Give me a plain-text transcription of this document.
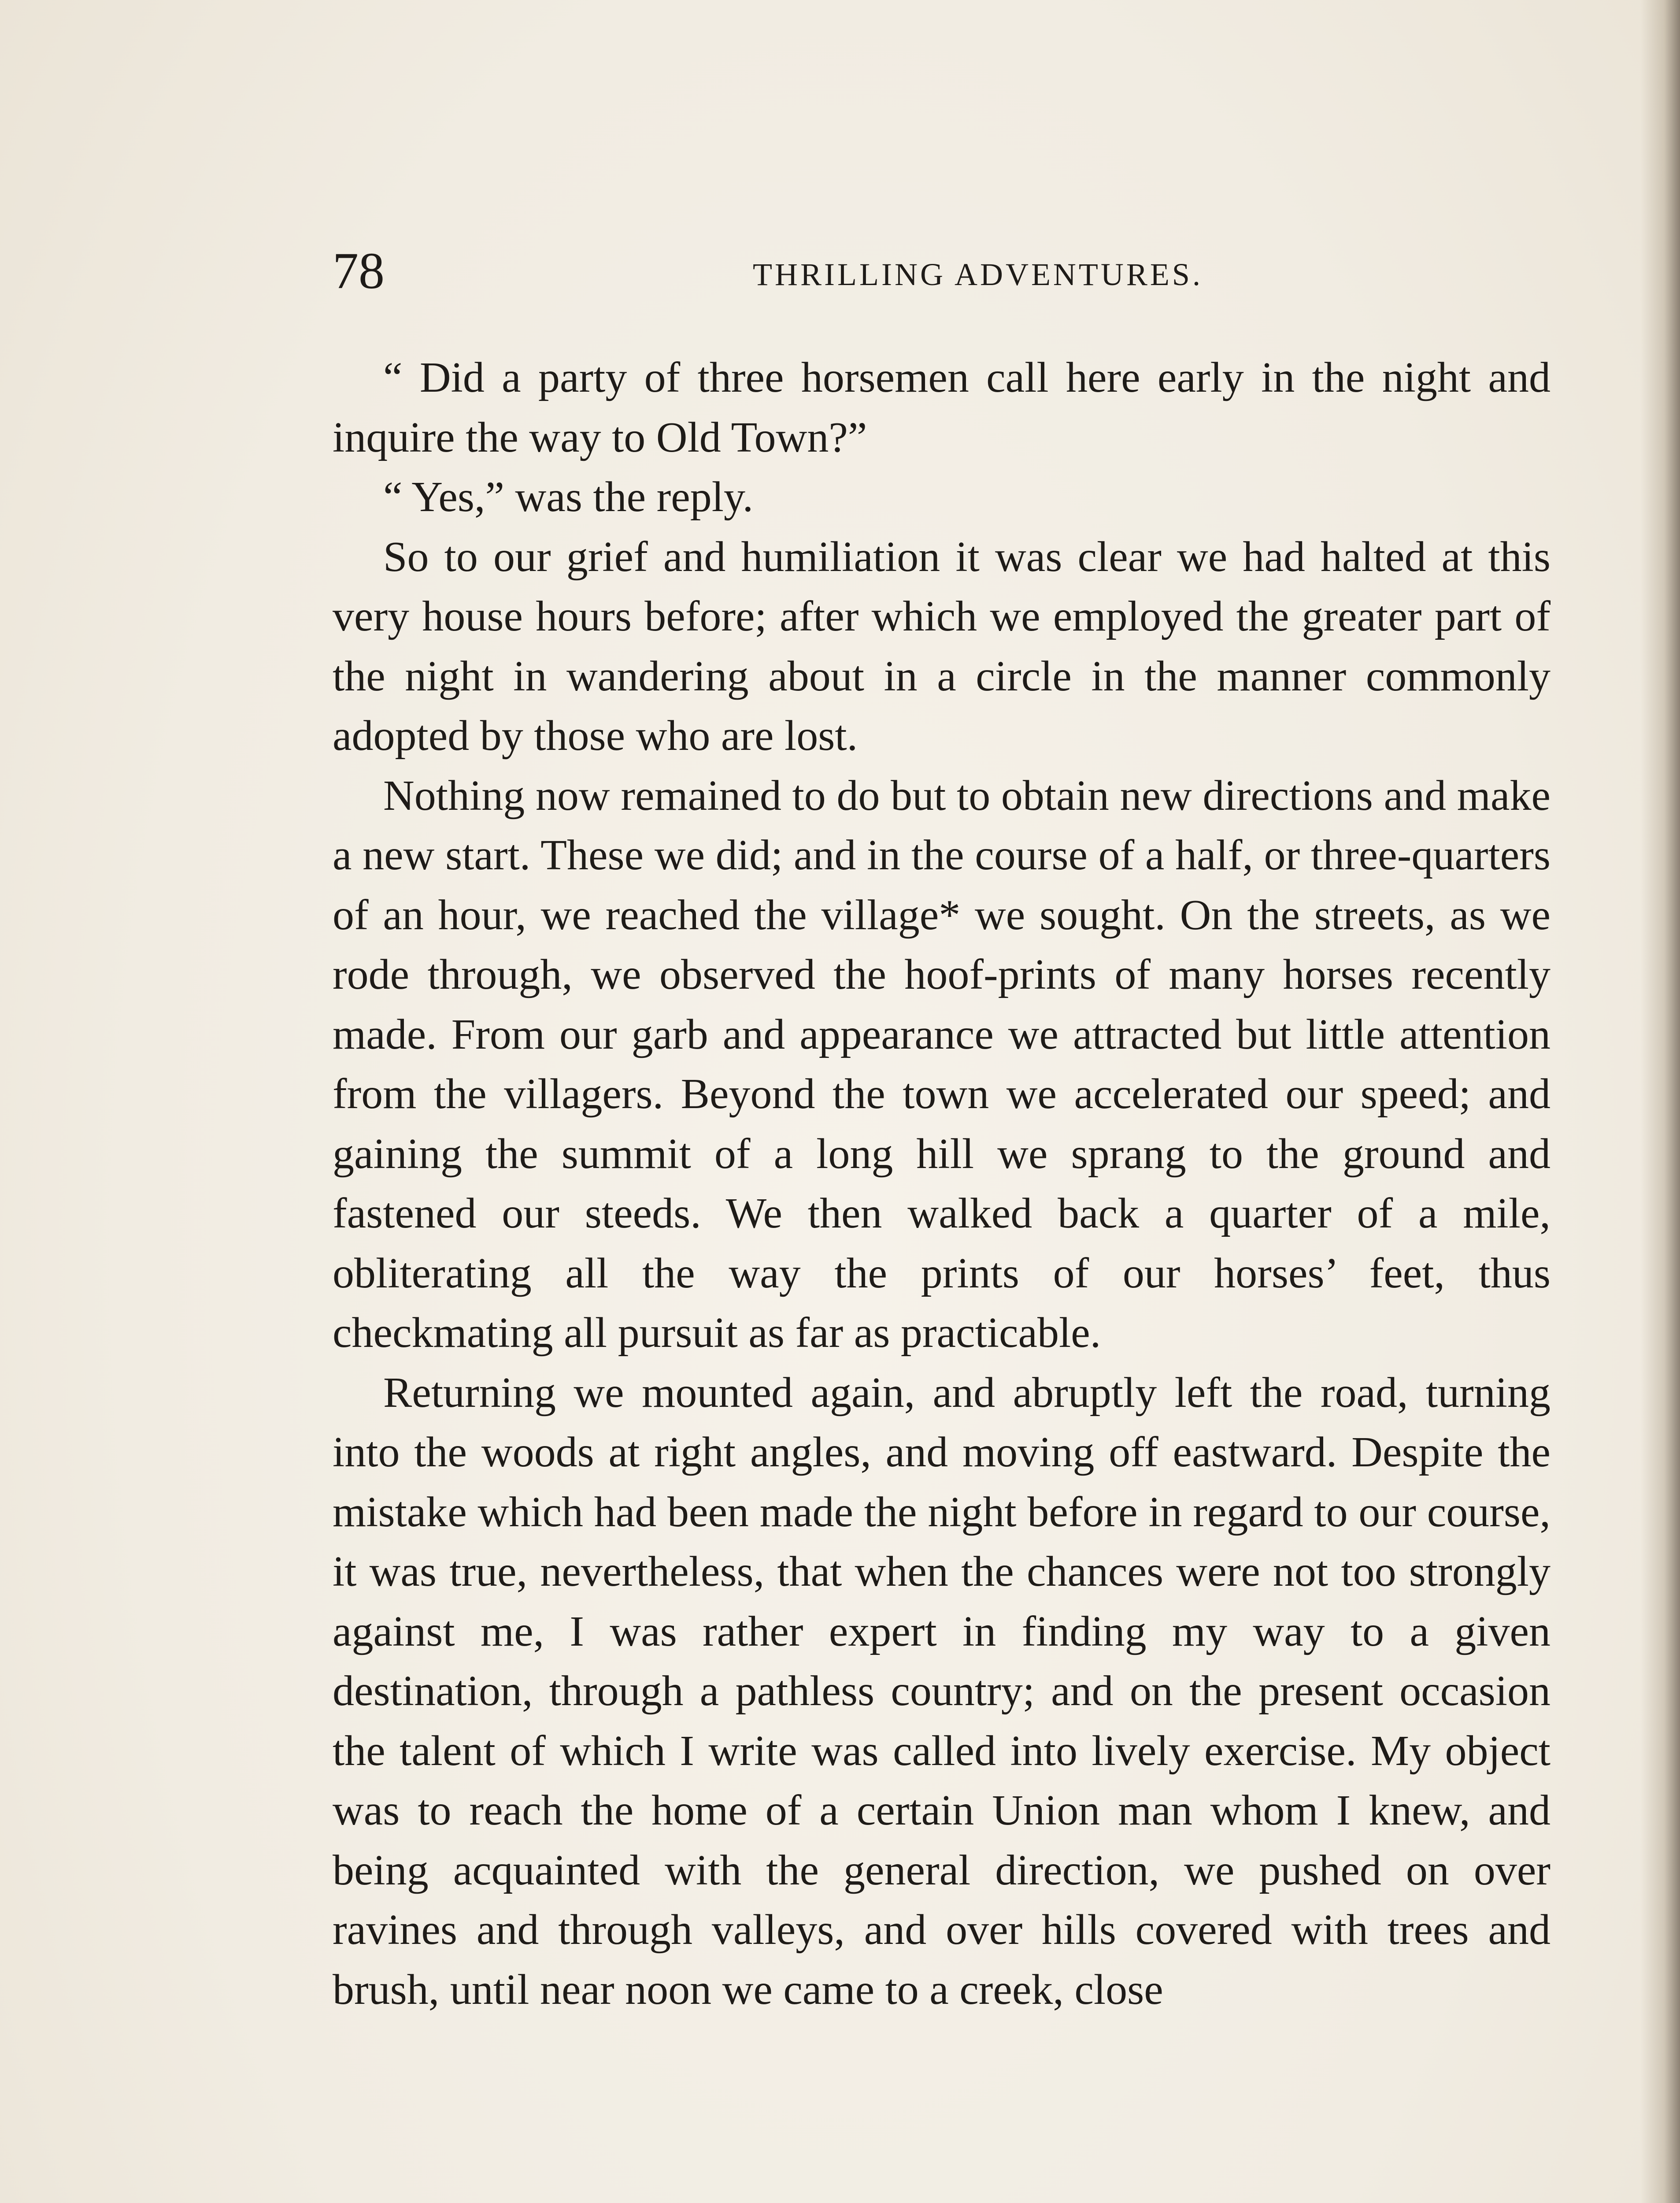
78	THRILLING ADVENTURES.

“ Did a party of three horsemen call here early in the night and inquire the way to Old Town?”

“ Yes,” was the reply.

So to our grief and humiliation it was clear we had halted at this very house hours before; after which we employed the greater part of the night in wandering about in a circle in the manner commonly adopted by those who are lost.

Nothing now remained to do but to obtain new directions and make a new start. These we did; and in the course of a half, or three-quarters of an hour, we reached the village* we sought. On the streets, as we rode through, we observed the hoof-prints of many horses recently made. From our garb and appearance we attracted but little attention from the villagers. Beyond the town we accelerated our speed; and gaining the summit of a long hill we sprang to the ground and fastened our steeds. We then walked back a quarter of a mile, obliterating all the way the prints of our horses’ feet, thus checkmating all pursuit as far as practicable.

Returning we mounted again, and abruptly left the road, turning into the woods at right angles, and moving off eastward. Despite the mistake which had been made the night before in regard to our course, it was true, nevertheless, that when the chances were not too strongly against me, I was rather expert in finding my way to a given destination, through a pathless country; and on the present occasion the talent of which I write was called into lively exercise. My object was to reach the home of a certain Union man whom I knew, and being acquainted with the general direction, we pushed on over ravines and through valleys, and over hills covered with trees and brush, until near noon we came to a creek, close
